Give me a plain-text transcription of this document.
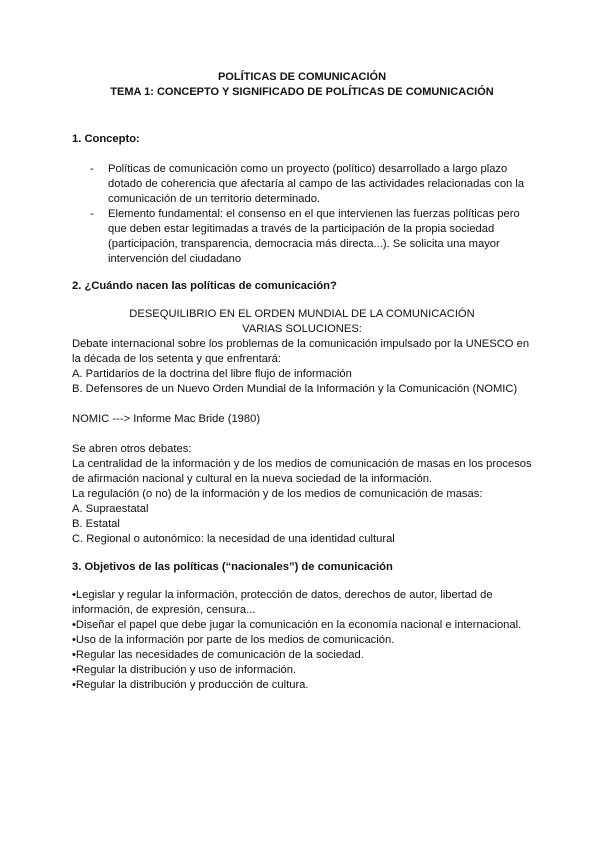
POLÍTICAS DE COMUNICACIÓN

TEMA 1: CONCEPTO Y SIGNIFICADO DE POLÍTICAS DE COMUNICACIÓN

1. Concepto:

- Políticas de comunicación como un proyecto (político) desarrollado a largo plazo dotado de coherencia que afectaría al campo de las actividades relacionadas con la comunicación de un territorio determinado.
- Elemento fundamental: el consenso en el que intervienen las fuerzas políticas pero que deben estar legitimadas a través de la participación de la propia sociedad (participación, transparencia, democracia más directa...). Se solicita una mayor intervención del ciudadano

2. ¿Cuándo nacen las políticas de comunicación?

DESEQUILIBRIO EN EL ORDEN MUNDIAL DE LA COMUNICACIÓN

VARIAS SOLUCIONES:

Debate internacional sobre los problemas de la comunicación impulsado por la UNESCO en la década de los setenta y que enfrentará:

A. Partidarios de la doctrina del libre flujo de información

B. Defensores de un Nuevo Orden Mundial de la Información y la Comunicación (NOMIC)

NOMIC ---> Informe Mac Bride (1980)

Se abren otros debates:

La centralidad de la información y de los medios de comunicación de masas en los procesos de afirmación nacional y cultural en la nueva sociedad de la información.

La regulación (o no) de la información y de los medios de comunicación de masas:

A. Supraestatal

B. Estatal

C. Regional o autonómico: la necesidad de una identidad cultural

3. Objetivos de las políticas (“nacionales”) de comunicación

•Legislar y regular la información, protección de datos, derechos de autor, libertad de información, de expresión, censura...

•Diseñar el papel que debe jugar la comunicación en la economía nacional e internacional.

•Uso de la información por parte de los medios de comunicación.

•Regular las necesidades de comunicación de la sociedad.

•Regular la distribución y uso de información.

•Regular la distribución y producción de cultura.
